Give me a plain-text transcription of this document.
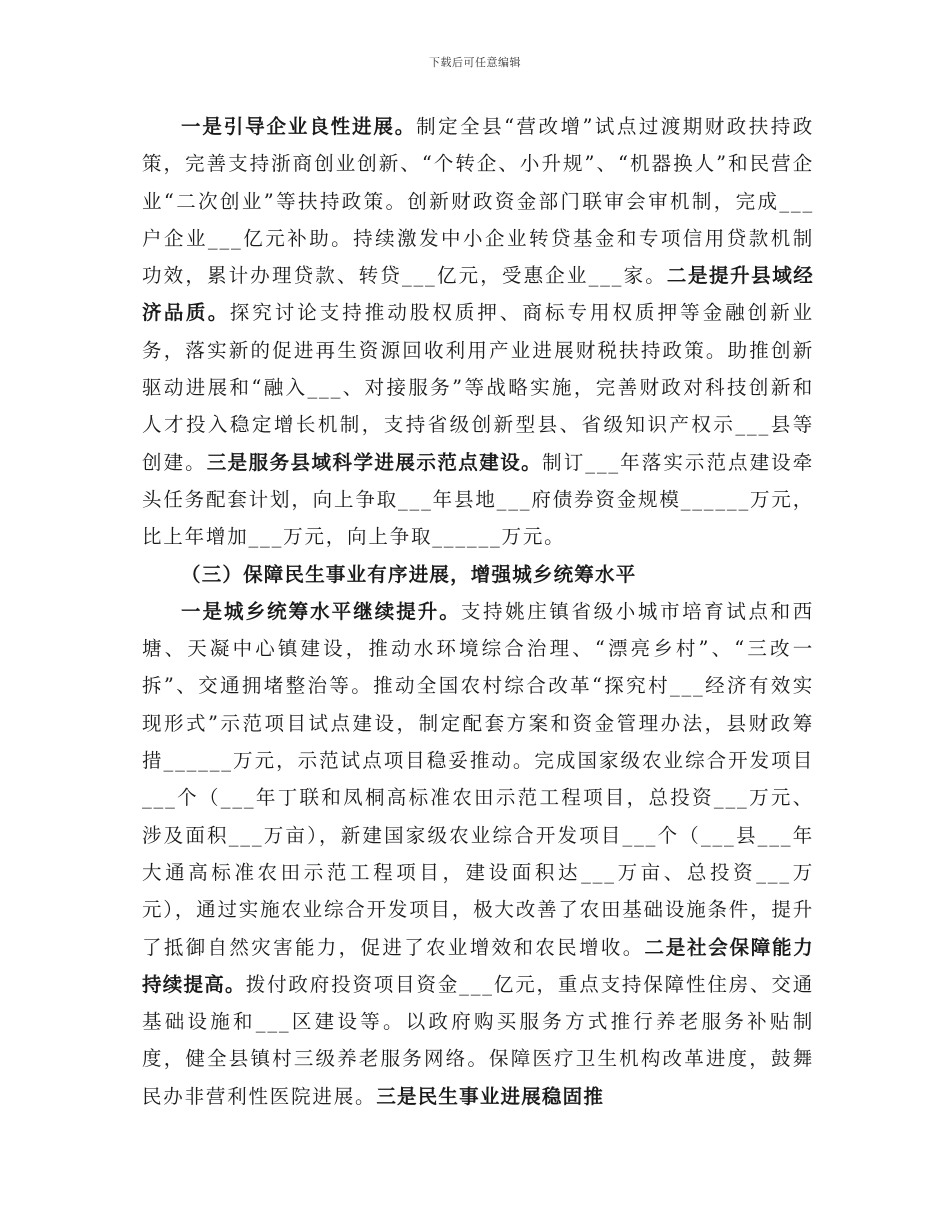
下载后可任意编辑

一是引导企业良性进展。制定全县“营改增”试点过渡期财政扶持政策，完善支持浙商创业创新、“个转企、小升规”、“机器换人”和民营企业“二次创业”等扶持政策。创新财政资金部门联审会审机制，完成___户企业___亿元补助。持续激发中小企业转贷基金和专项信用贷款机制功效，累计办理贷款、转贷___亿元，受惠企业___家。二是提升县域经济品质。探究讨论支持推动股权质押、商标专用权质押等金融创新业务，落实新的促进再生资源回收利用产业进展财税扶持政策。助推创新驱动进展和“融入___、对接服务”等战略实施，完善财政对科技创新和人才投入稳定增长机制，支持省级创新型县、省级知识产权示___县等创建。三是服务县域科学进展示范点建设。制订___年落实示范点建设牵头任务配套计划，向上争取___年县地___府债券资金规模______万元，比上年增加___万元，向上争取______万元。

（三）保障民生事业有序进展，增强城乡统筹水平

一是城乡统筹水平继续提升。支持姚庄镇省级小城市培育试点和西塘、天凝中心镇建设，推动水环境综合治理、“漂亮乡村”、“三改一拆”、交通拥堵整治等。推动全国农村综合改革“探究村___经济有效实现形式”示范项目试点建设，制定配套方案和资金管理办法，县财政筹措______万元，示范试点项目稳妥推动。完成国家级农业综合开发项目___个（___年丁联和凤桐高标准农田示范工程项目，总投资___万元、涉及面积___万亩），新建国家级农业综合开发项目___个（___县___年大通高标准农田示范工程项目，建设面积达___万亩、总投资___万元），通过实施农业综合开发项目，极大改善了农田基础设施条件，提升了抵御自然灾害能力，促进了农业增效和农民增收。二是社会保障能力持续提高。拨付政府投资项目资金___亿元，重点支持保障性住房、交通基础设施和___区建设等。以政府购买服务方式推行养老服务补贴制度，健全县镇村三级养老服务网络。保障医疗卫生机构改革进度，鼓舞民办非营利性医院进展。三是民生事业进展稳固推
